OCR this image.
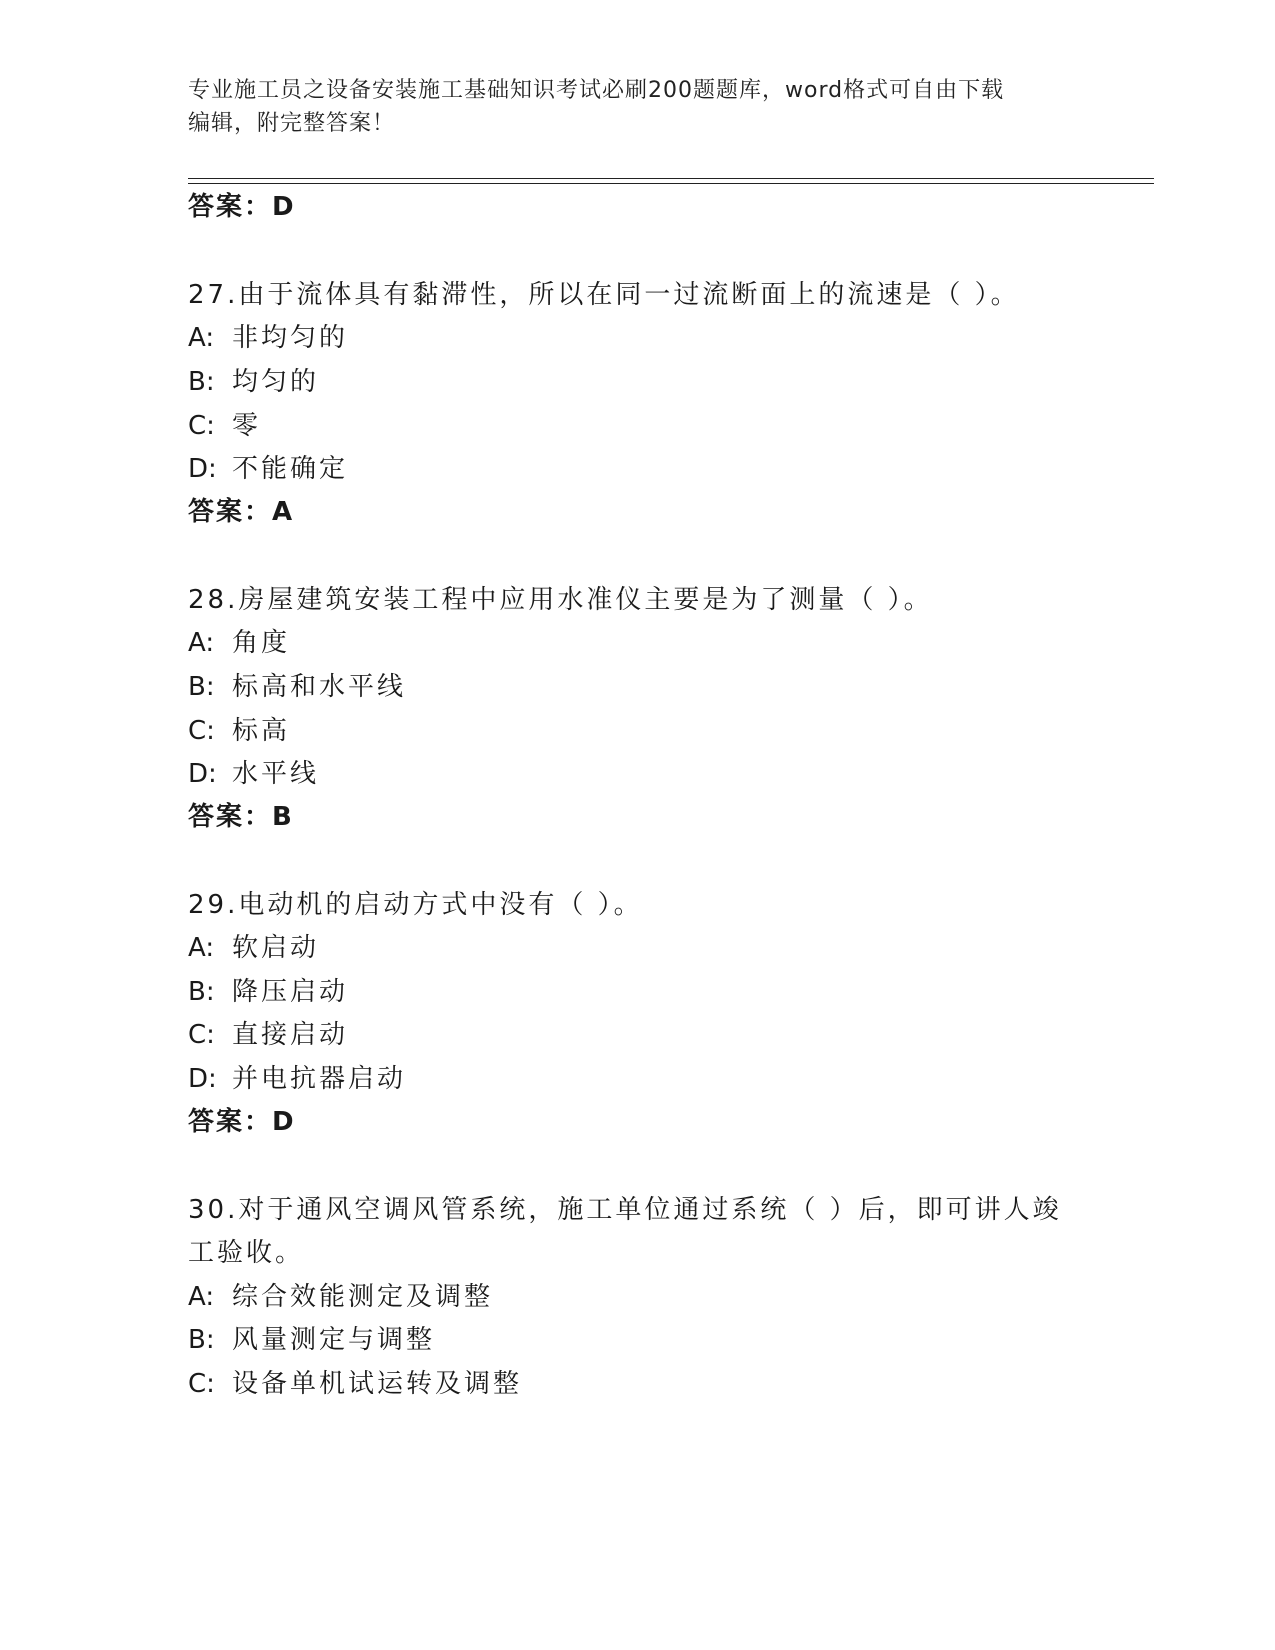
专业施工员之设备安装施工基础知识考试必刷200题题库，word格式可自由下载
编辑，附完整答案！
答案：D
27.由于流体具有黏滞性，所以在同一过流断面上的流速是（ ）。
A: 非均匀的
B: 均匀的
C: 零
D: 不能确定
答案：A
28.房屋建筑安装工程中应用水准仪主要是为了测量（ ）。
A: 角度
B: 标高和水平线
C: 标高
D: 水平线
答案：B
29.电动机的启动方式中没有（ ）。
A: 软启动
B: 降压启动
C: 直接启动
D: 并电抗器启动
答案：D
30.对于通风空调风管系统，施工单位通过系统（ ）后，即可讲人竣
工验收。
A: 综合效能测定及调整
B: 风量测定与调整
C: 设备单机试运转及调整
